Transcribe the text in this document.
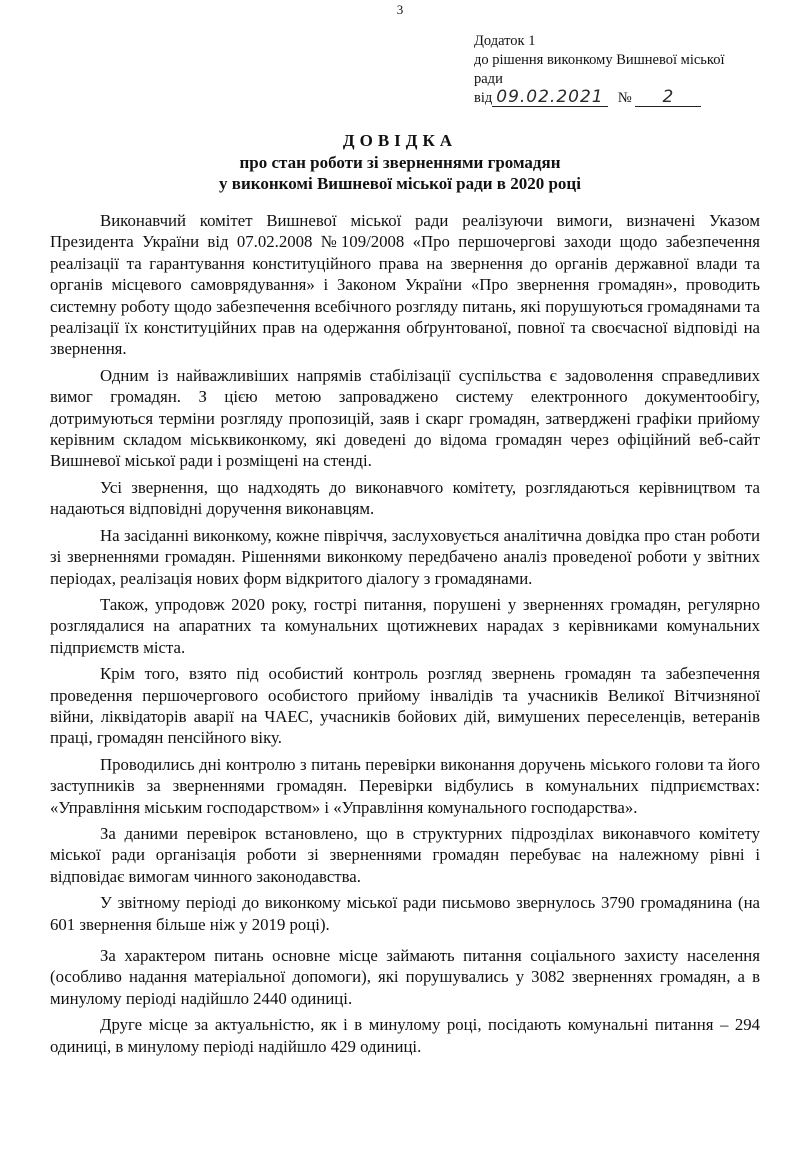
3
Додаток 1
до рішення виконкому Вишневої міської
ради
від 09.02.2021 № 2
ДОВІДКА
про стан роботи зі зверненнями громадян
у виконкомі Вишневої міської ради в 2020 році

Виконавчий комітет Вишневої міської ради реалізуючи вимоги, визначені Указом Президента України від 07.02.2008 №109/2008 «Про першочергові заходи щодо забезпечення реалізації та гарантування конституційного права на звернення до органів державної влади та органів місцевого самоврядування» і Законом України «Про звернення громадян», проводить системну роботу щодо забезпечення всебічного розгляду питань, які порушуються громадянами та реалізації їх конституційних прав на одержання обґрунтованої, повної та своєчасної відповіді на звернення.

Одним із найважливіших напрямів стабілізації суспільства є задоволення справедливих вимог громадян. З цією метою запроваджено систему електронного документообігу, дотримуються терміни розгляду пропозицій, заяв і скарг громадян, затверджені графіки прийому керівним складом міськвиконкому, які доведені до відома громадян через офіційний веб-сайт Вишневої міської ради і розміщені на стенді.

Усі звернення, що надходять до виконавчого комітету, розглядаються керівництвом та надаються відповідні доручення виконавцям.

На засіданні виконкому, кожне півріччя, заслуховується аналітична довідка про стан роботи зі зверненнями громадян. Рішеннями виконкому передбачено аналіз проведеної роботи у звітних періодах, реалізація нових форм відкритого діалогу з громадянами.

Також, упродовж 2020 року, гострі питання, порушені у зверненнях громадян, регулярно розглядалися на апаратних та комунальних щотижневих нарадах з керівниками комунальних підприємств міста.

Крім того, взято під особистий контроль розгляд звернень громадян та забезпечення проведення першочергового особистого прийому інвалідів та учасників Великої Вітчизняної війни, ліквідаторів аварії на ЧАЕС, учасників бойових дій, вимушених переселенців, ветеранів праці, громадян пенсійного віку.

Проводились дні контролю з питань перевірки виконання доручень міського голови та його заступників за зверненнями громадян. Перевірки відбулись в комунальних підприємствах: «Управління міським господарством» і «Управління комунального господарства».

За даними перевірок встановлено, що в структурних підрозділах виконавчого комітету міської ради організація роботи зі зверненнями громадян перебуває на належному рівні і відповідає вимогам чинного законодавства.

У звітному періоді до виконкому міської ради письмово звернулось 3790 громадянина (на 601 звернення більше ніж у 2019 році).

За характером питань основне місце займають питання соціального захисту населення (особливо надання матеріальної допомоги), які порушувались у 3082 зверненнях громадян, а в минулому періоді надійшло 2440 одиниці.

Друге місце за актуальністю, як і в минулому році, посідають комунальні питання – 294 одиниці, в минулому періоді надійшло 429 одиниці.
